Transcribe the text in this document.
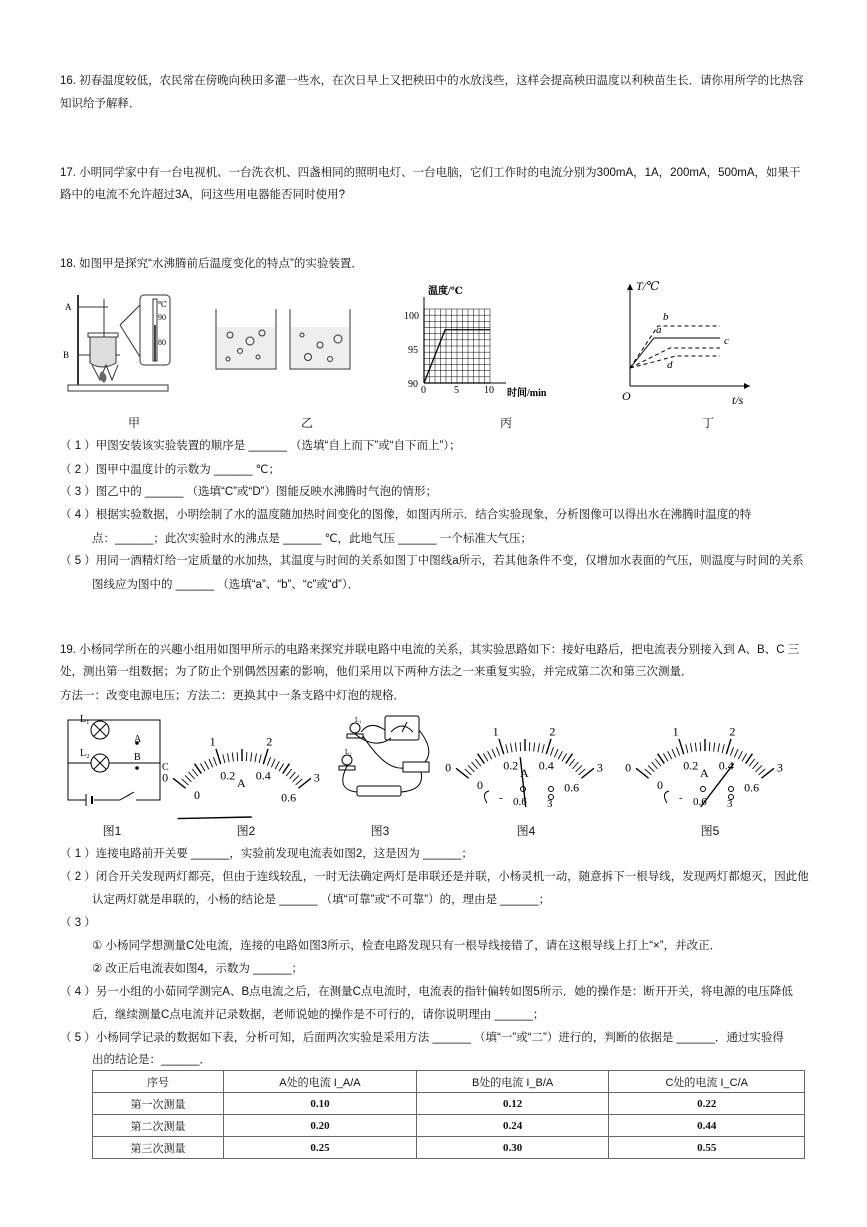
16. 初春温度较低，农民常在傍晚向秧田多灌一些水，在次日早上又把秧田中的水放浅些，这样会提高秧田温度以利秧苗生长．请你用所学的比热容

知识给予解释．

17. 小明同学家中有一台电视机、一台洗衣机、四盏相同的照明电灯、一台电脑，它们工作时的电流分别为300mA，1A，200mA，500mA，如果干

路中的电流不允许超过3A，问这些用电器能否同时使用?

18. 如图甲是探究“水沸腾前后温度变化的特点”的实验装置．

A
B
℃
90
80
温度/℃
时间/min
100
95
90
0	5	10
T/℃
t/s
O
a
b
c
d
甲	乙	丙	丁

（ 1 ）甲图安装该实验装置的顺序是 ______ （选填“自上而下”或“自下而上”）；

（ 2 ）图甲中温度计的示数为 ______ ℃；

（ 3 ）图乙中的 ______ （选填“C”或“D”）图能反映水沸腾时气泡的情形；

（ 4 ）根据实验数据，小明绘制了水的温度随加热时间变化的图像，如图丙所示．结合实验现象，分析图像可以得出水在沸腾时温度的特

点：______；此次实验时水的沸点是 ______ ℃，此地气压 ______ 一个标准大气压；

（ 5 ）用同一酒精灯给一定质量的水加热，其温度与时间的关系如图丁中图线a所示，若其他条件不变，仅增加水表面的气压，则温度与时间的关系

图线应为图中的 ______ （选填“a”、“b”、“c”或“d”）．

19. 小杨同学所在的兴趣小组用如图甲所示的电路来探究并联电路中电流的关系，其实验思路如下：接好电路后，把电流表分别接入到 A、B、C 三

处，测出第一组数据；为了防止个别偶然因素的影响，他们采用以下两种方法之一来重复实验，并完成第二次和第三次测量．

方法一：改变电源电压；方法二：更换其中一条支路中灯泡的规格．

L₁
L₂
A
B
C
0
1	2
3
0
0.2 0.4
0.6
A
L₁
L₂
0
1	2
3
0
0.2 0.4
0.6
A
- 0.6 3
0
1	2
3
0
0.2 0.4
0.6
A
- 0.6 3
图1	图2	图3	图4	图5

（ 1 ）连接电路前开关要 ______，实验前发现电流表如图2，这是因为 ______；

（ 2 ）闭合开关发现两灯都亮，但由于连线较乱，一时无法确定两灯是串联还是并联，小杨灵机一动，随意拆下一根导线，发现两灯都熄灭，因此他

认定两灯就是串联的，小杨的结论是 ______ （填“可靠”或“不可靠”）的，理由是 ______；

（ 3 ）

① 小杨同学想测量C处电流，连接的电路如图3所示，检查电路发现只有一根导线接错了，请在这根导线上打上“×”，并改正．

② 改正后电流表如图4，示数为 ______；

（ 4 ）另一小组的小茹同学测完A、B点电流之后，在测量C点电流时，电流表的指针偏转如图5所示．她的操作是：断开开关，将电源的电压降低

后，继续测量C点电流并记录数据，老师说她的操作是不可行的，请你说明理由 ______；

（ 5 ）小杨同学记录的数据如下表，分析可知，后面两次实验是采用方法 ______ （填“一”或“二”）进行的，判断的依据是 ______．通过实验得

出的结论是：______．

序号	A处的电流 I_A/A	B处的电流 I_B/A	C处的电流 I_C/A
第一次测量	0.10	0.12	0.22
第二次测量	0.20	0.24	0.44
第三次测量	0.25	0.30	0.55
